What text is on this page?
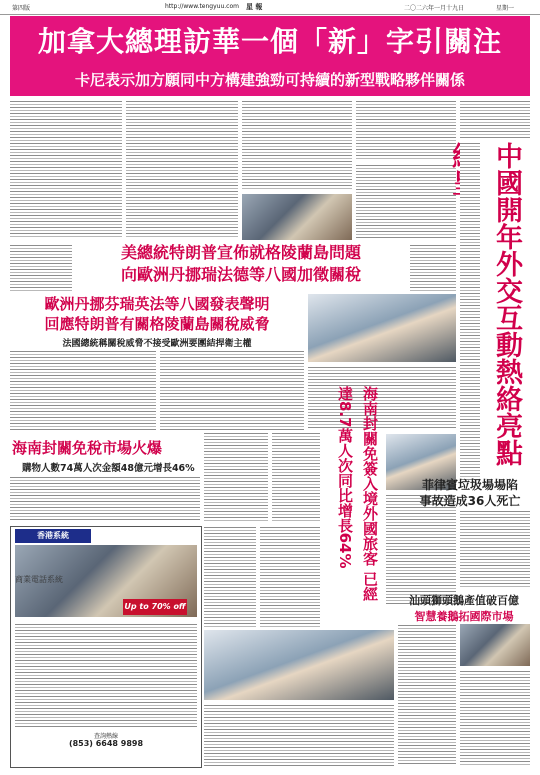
第四版	http://www.tengyuu.com 星 報	二〇二六年一月十九日	星期一
加拿大總理訪華一個「新」字引關注
卡尼表示加方願同中方構建強勁可持續的新型戰略夥伴關係
中國開年外交互動熱絡亮點
美總統特朗普宣佈就格陵蘭島問題
向歐洲丹挪瑞法德等八國加徵關稅
歐洲丹挪芬瑞英法等八國發表聲明
回應特朗普有關格陵蘭島關稅威脅
法國總統稱關稅威脅不接受歐洲要團結捍衛主權
海南封關免稅市場火爆
購物人數74萬人次金額48億元增長46%	海南封關免簽入境外國旅客 已經達8.7萬人次同比增長64%	菲律賓垃圾場場陷
事故造成36人死亡
汕頭獅頭鵝產值破百億
智慧養鵝拓國際市場
香港系統
商業電話系統
Up to 70% off
查詢熱線
(853) 6648 9898
